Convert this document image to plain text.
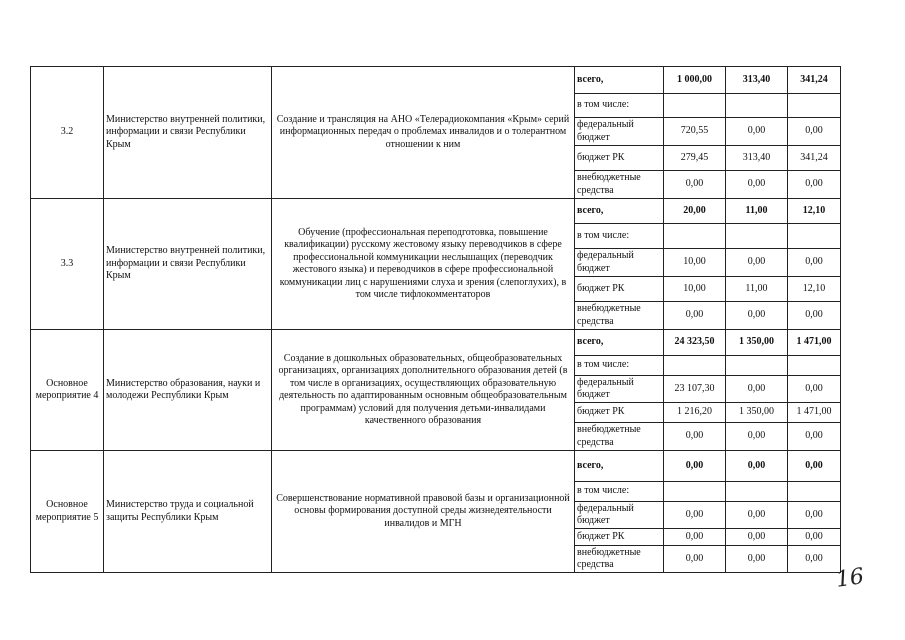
3.2	Министерство внутренней политики, информации и связи Республики Крым	Создание и трансляция на АНО «Телерадиокомпания «Крым» серий информационных передач о проблемах инвалидов и о толерантном отношении к ним	всего,	1 000,00	313,40	341,24
			в том числе:			
			федеральный бюджет	720,55	0,00	0,00
			бюджет РК	279,45	313,40	341,24
			внебюджетные средства	0,00	0,00	0,00
3.3	Министерство внутренней политики, информации и связи Республики Крым	Обучение (профессиональная переподготовка, повышение квалификации) русскому жестовому языку переводчиков в сфере профессиональной коммуникации неслышащих (переводчик жестового языка) и переводчиков в сфере профессиональной коммуникации лиц с нарушениями слуха и зрения (слепоглухих), в том числе тифлокомментаторов	всего,	20,00	11,00	12,10
			в том числе:			
			федеральный бюджет	10,00	0,00	0,00
			бюджет РК	10,00	11,00	12,10
			внебюджетные средства	0,00	0,00	0,00
Основное мероприятие 4	Министерство образования, науки и молодежи Республики Крым	Создание в дошкольных образовательных, общеобразовательных организациях, организациях дополнительного образования детей (в том числе в организациях, осуществляющих образовательную деятельность по адаптированным основным общеобразовательным программам) условий для получения детьми-инвалидами качественного образования	всего,	24 323,50	1 350,00	1 471,00
			в том числе:			
			федеральный бюджет	23 107,30	0,00	0,00
			бюджет РК	1 216,20	1 350,00	1 471,00
			внебюджетные средства	0,00	0,00	0,00
Основное мероприятие 5	Министерство труда и социальной защиты Республики Крым	Совершенствование нормативной правовой базы и организационной основы формирования доступной среды жизнедеятельности инвалидов и МГН	всего,	0,00	0,00	0,00
			в том числе:			
			федеральный бюджет	0,00	0,00	0,00
			бюджет РК	0,00	0,00	0,00
			внебюджетные средства	0,00	0,00	0,00
16
